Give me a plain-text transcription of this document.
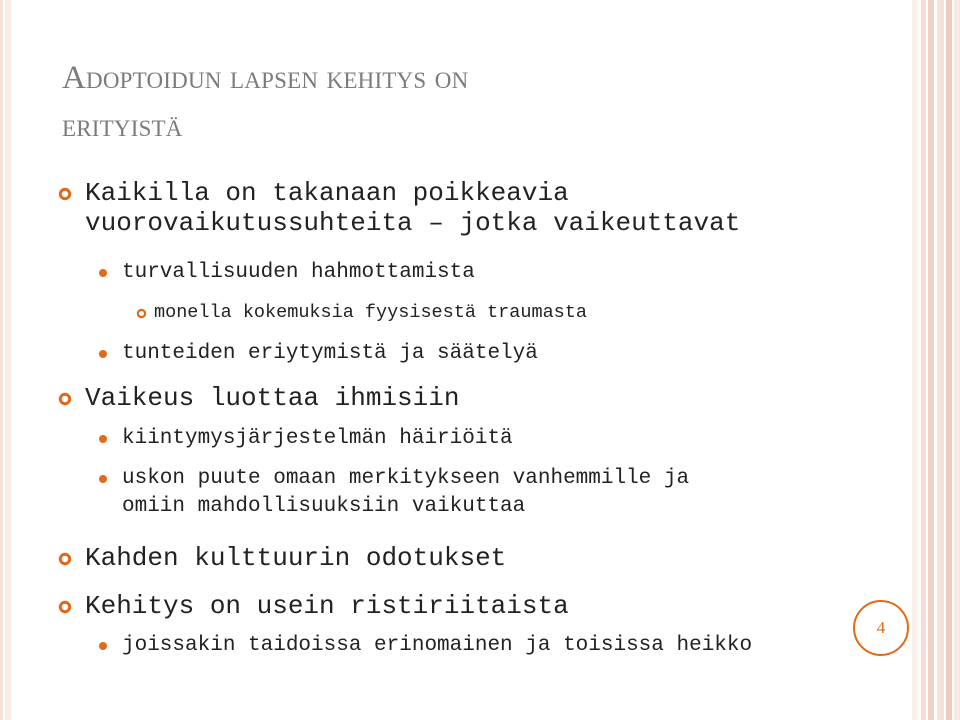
Adoptoidun lapsen kehitys on
erityistä
Kaikilla on takanaan poikkeavia
vuorovaikutussuhteita – jotka vaikeuttavat
turvallisuuden hahmottamista
monella kokemuksia fyysisestä traumasta
tunteiden eriytymistä ja säätelyä
Vaikeus luottaa ihmisiin
kiintymysjärjestelmän häiriöitä
uskon puute omaan merkitykseen vanhemmille ja
omiin mahdollisuuksiin vaikuttaa
Kahden kulttuurin odotukset
Kehitys on usein ristiriitaista
joissakin taidoissa erinomainen ja toisissa heikko
4
